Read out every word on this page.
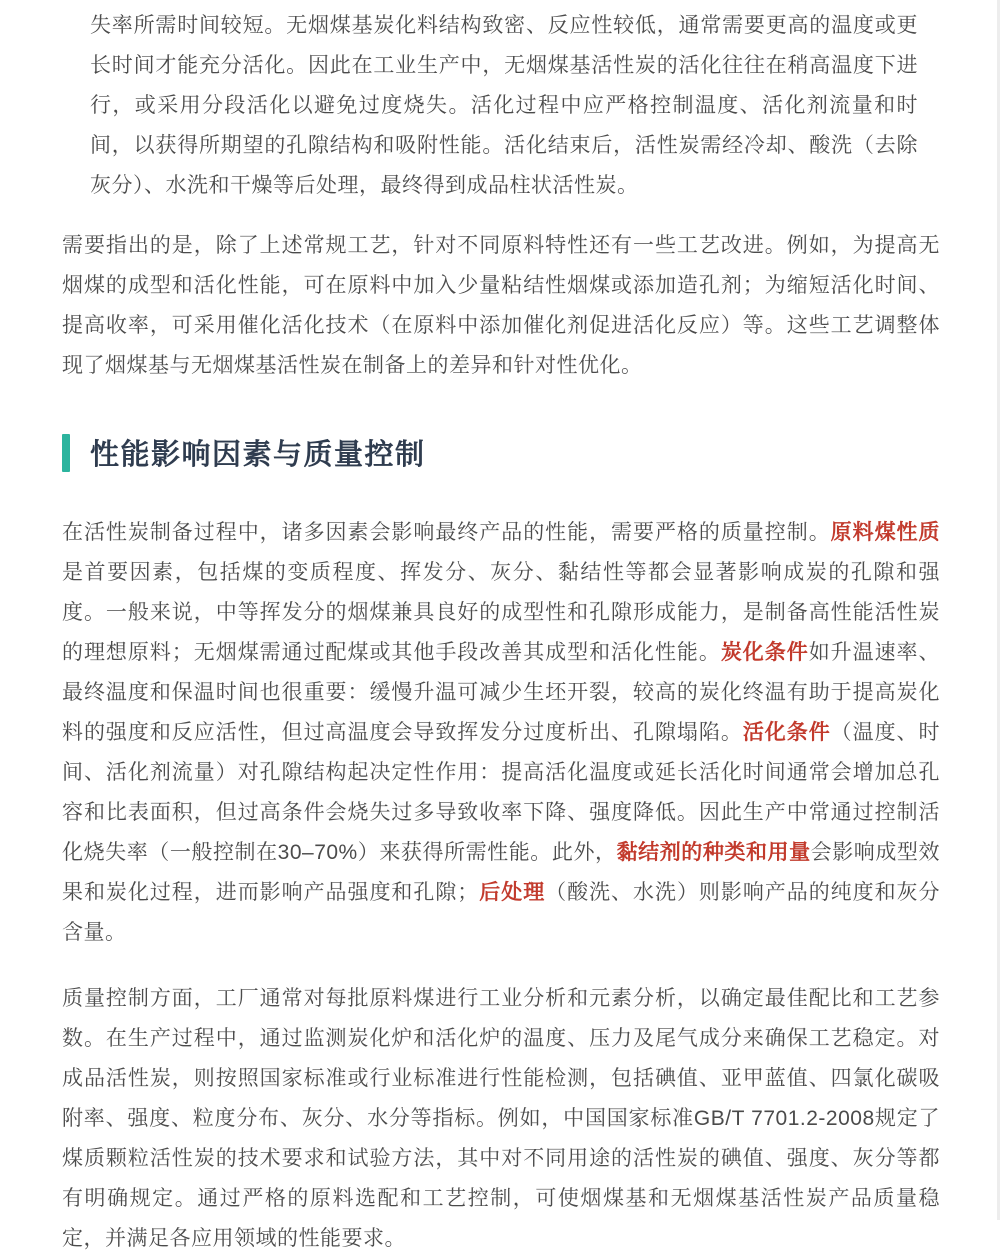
失率所需时间较短。无烟煤基炭化料结构致密、反应性较低，通常需要更高的温度或更长时间才能充分活化。因此在工业生产中，无烟煤基活性炭的活化往往在稍高温度下进行，或采用分段活化以避免过度烧失。活化过程中应严格控制温度、活化剂流量和时间，以获得所期望的孔隙结构和吸附性能。活化结束后，活性炭需经冷却、酸洗（去除灰分）、水洗和干燥等后处理，最终得到成品柱状活性炭。

需要指出的是，除了上述常规工艺，针对不同原料特性还有一些工艺改进。例如，为提高无烟煤的成型和活化性能，可在原料中加入少量粘结性烟煤或添加造孔剂；为缩短活化时间、提高收率，可采用催化活化技术（在原料中添加催化剂促进活化反应）等。这些工艺调整体现了烟煤基与无烟煤基活性炭在制备上的差异和针对性优化。

性能影响因素与质量控制

在活性炭制备过程中，诸多因素会影响最终产品的性能，需要严格的质量控制。原料煤性质是首要因素，包括煤的变质程度、挥发分、灰分、黏结性等都会显著影响成炭的孔隙和强度。一般来说，中等挥发分的烟煤兼具良好的成型性和孔隙形成能力，是制备高性能活性炭的理想原料；无烟煤需通过配煤或其他手段改善其成型和活化性能。炭化条件如升温速率、最终温度和保温时间也很重要：缓慢升温可减少生坯开裂，较高的炭化终温有助于提高炭化料的强度和反应活性，但过高温度会导致挥发分过度析出、孔隙塌陷。活化条件（温度、时间、活化剂流量）对孔隙结构起决定性作用：提高活化温度或延长活化时间通常会增加总孔容和比表面积，但过高条件会烧失过多导致收率下降、强度降低。因此生产中常通过控制活化烧失率（一般控制在30–70%）来获得所需性能。此外，黏结剂的种类和用量会影响成型效果和炭化过程，进而影响产品强度和孔隙；后处理（酸洗、水洗）则影响产品的纯度和灰分含量。

质量控制方面，工厂通常对每批原料煤进行工业分析和元素分析，以确定最佳配比和工艺参数。在生产过程中，通过监测炭化炉和活化炉的温度、压力及尾气成分来确保工艺稳定。对成品活性炭，则按照国家标准或行业标准进行性能检测，包括碘值、亚甲蓝值、四氯化碳吸附率、强度、粒度分布、灰分、水分等指标。例如，中国国家标准GB/T 7701.2-2008规定了煤质颗粒活性炭的技术要求和试验方法，其中对不同用途的活性炭的碘值、强度、灰分等都有明确规定。通过严格的原料选配和工艺控制，可使烟煤基和无烟煤基活性炭产品质量稳定，并满足各应用领域的性能要求。
